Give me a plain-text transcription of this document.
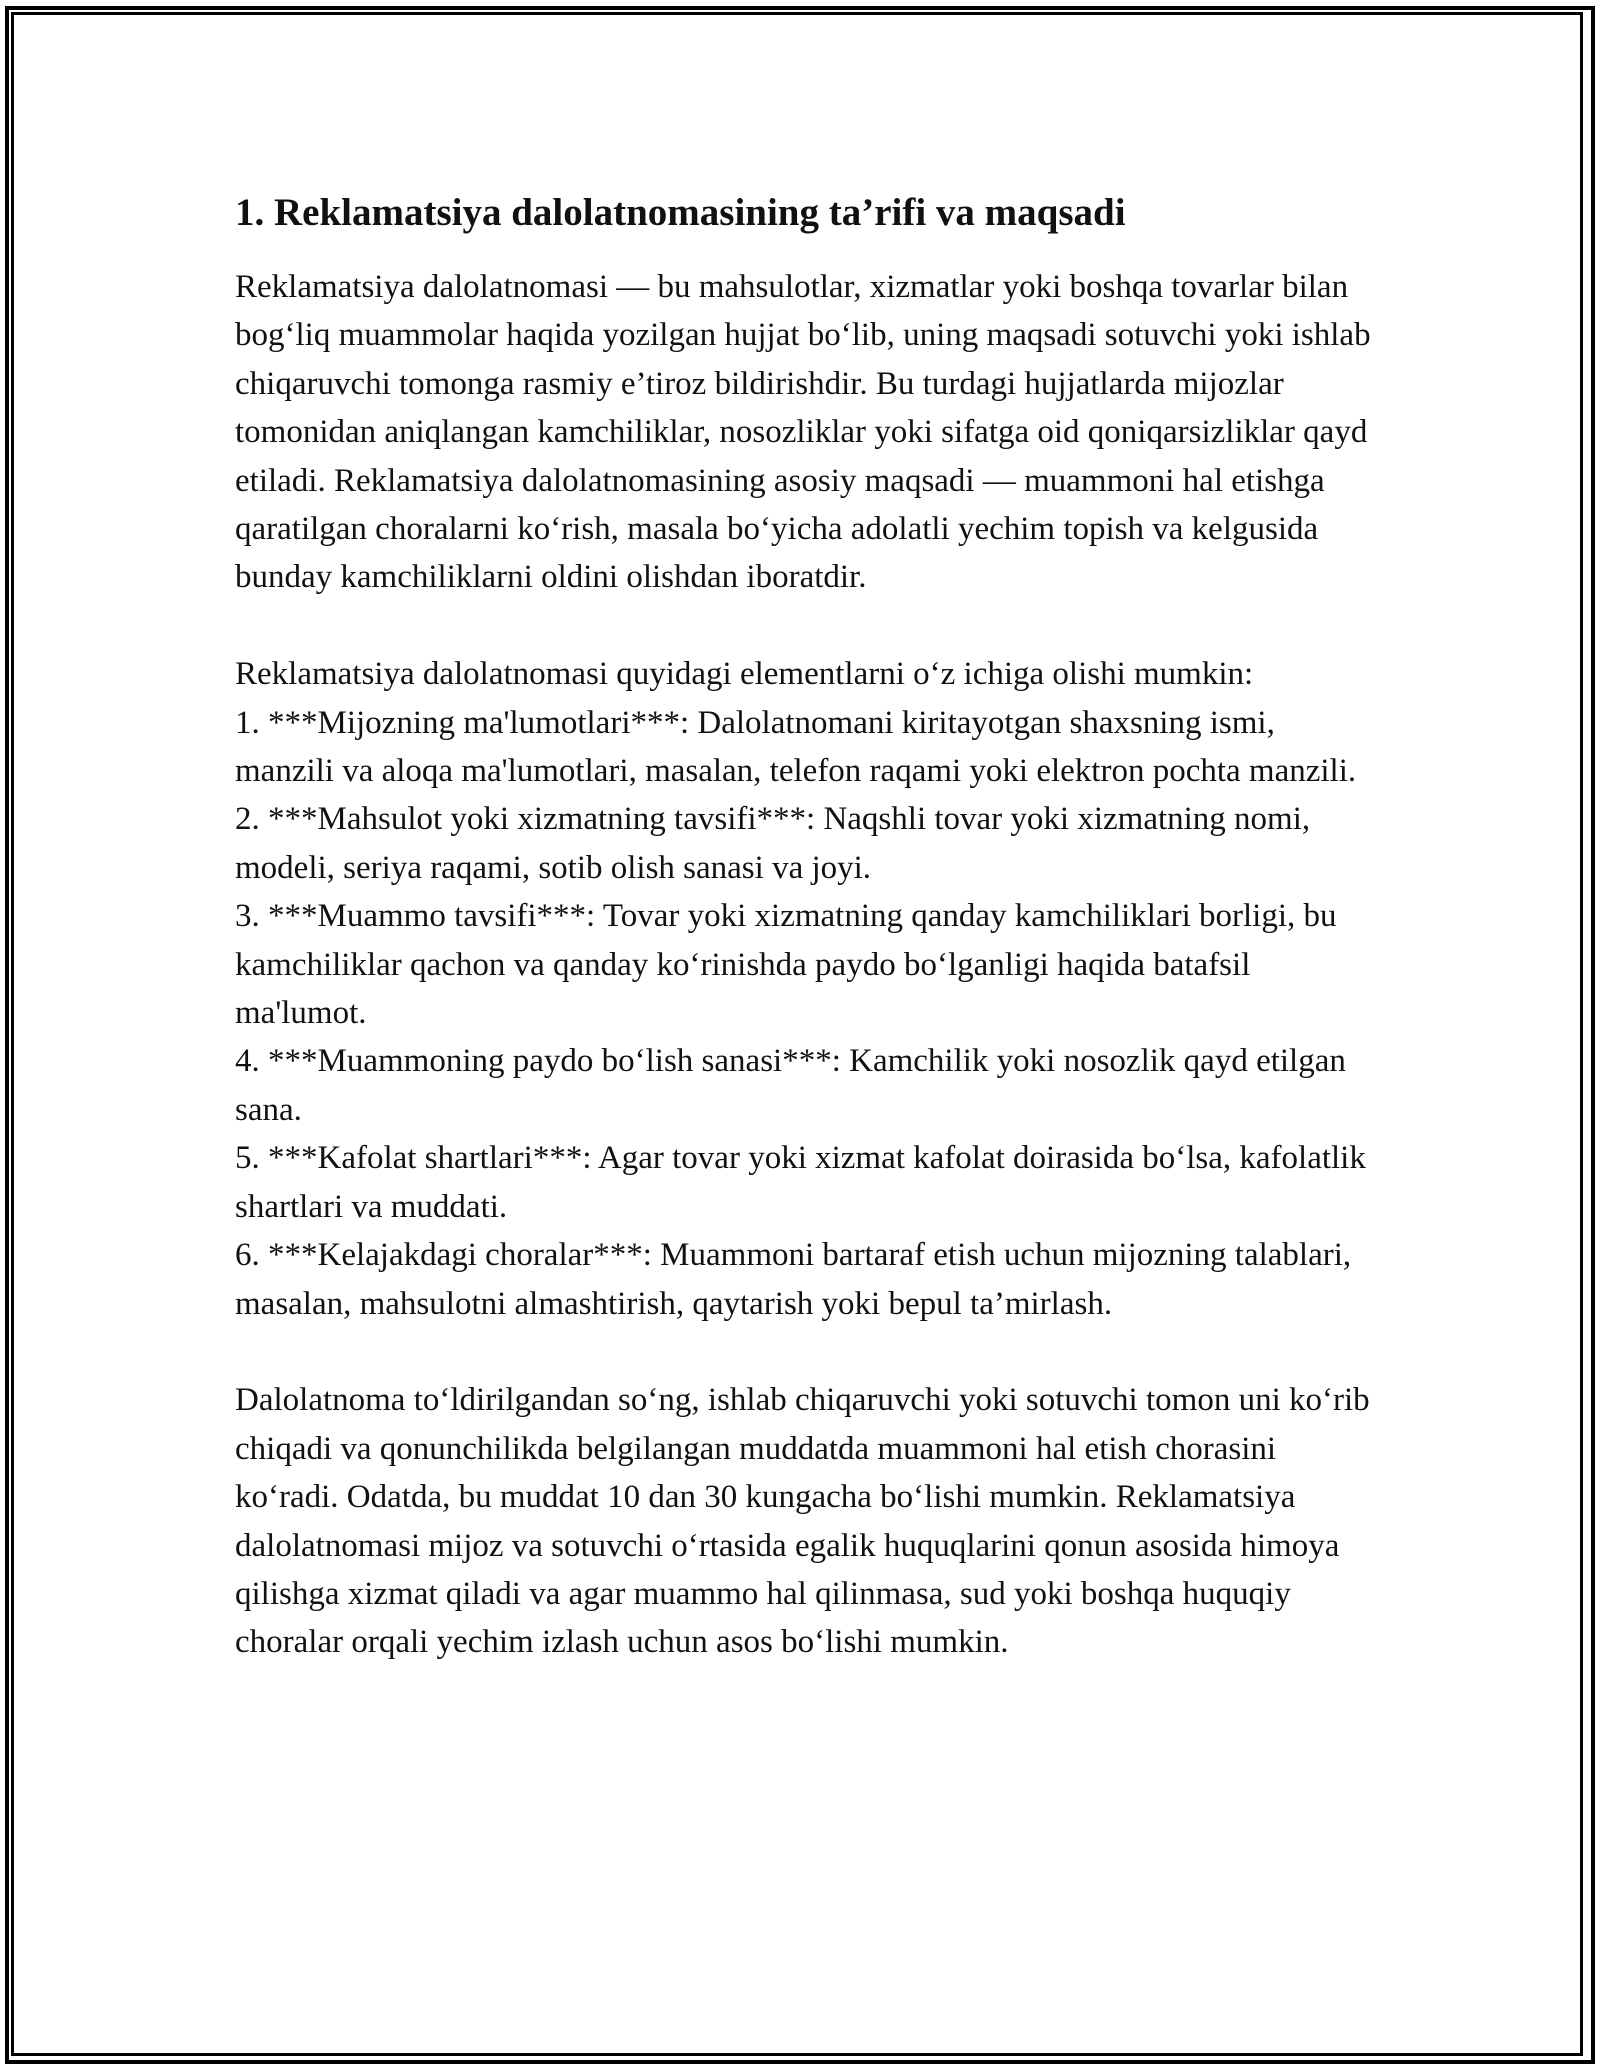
1. Reklamatsiya dalolatnomasining ta’rifi va maqsadi

Reklamatsiya dalolatnomasi — bu mahsulotlar, xizmatlar yoki boshqa tovarlar bilan bog‘liq muammolar haqida yozilgan hujjat bo‘lib, uning maqsadi sotuvchi yoki ishlab chiqaruvchi tomonga rasmiy e’tiroz bildirishdir. Bu turdagi hujjatlarda mijozlar tomonidan aniqlangan kamchiliklar, nosozliklar yoki sifatga oid qoniqarsizliklar qayd etiladi. Reklamatsiya dalolatnomasining asosiy maqsadi — muammoni hal etishga qaratilgan choralarni ko‘rish, masala bo‘yicha adolatli yechim topish va kelgusida bunday kamchiliklarni oldini olishdan iboratdir.

Reklamatsiya dalolatnomasi quyidagi elementlarni o‘z ichiga olishi mumkin:

1. ***Mijozning ma'lumotlari***: Dalolatnomani kiritayotgan shaxsning ismi, manzili va aloqa ma'lumotlari, masalan, telefon raqami yoki elektron pochta manzili.

2. ***Mahsulot yoki xizmatning tavsifi***: Naqshli tovar yoki xizmatning nomi, modeli, seriya raqami, sotib olish sanasi va joyi.

3. ***Muammo tavsifi***: Tovar yoki xizmatning qanday kamchiliklari borligi, bu kamchiliklar qachon va qanday ko‘rinishda paydo bo‘lganligi haqida batafsil ma'lumot.

4. ***Muammoning paydo bo‘lish sanasi***: Kamchilik yoki nosozlik qayd etilgan sana.

5. ***Kafolat shartlari***: Agar tovar yoki xizmat kafolat doirasida bo‘lsa, kafolatlik shartlari va muddati.

6. ***Kelajakdagi choralar***: Muammoni bartaraf etish uchun mijozning talablari, masalan, mahsulotni almashtirish, qaytarish yoki bepul ta’mirlash.

Dalolatnoma to‘ldirilgandan so‘ng, ishlab chiqaruvchi yoki sotuvchi tomon uni ko‘rib chiqadi va qonunchilikda belgilangan muddatda muammoni hal etish chorasini ko‘radi. Odatda, bu muddat 10 dan 30 kungacha bo‘lishi mumkin. Reklamatsiya dalolatnomasi mijoz va sotuvchi o‘rtasida egalik huquqlarini qonun asosida himoya qilishga xizmat qiladi va agar muammo hal qilinmasa, sud yoki boshqa huquqiy choralar orqali yechim izlash uchun asos bo‘lishi mumkin.
